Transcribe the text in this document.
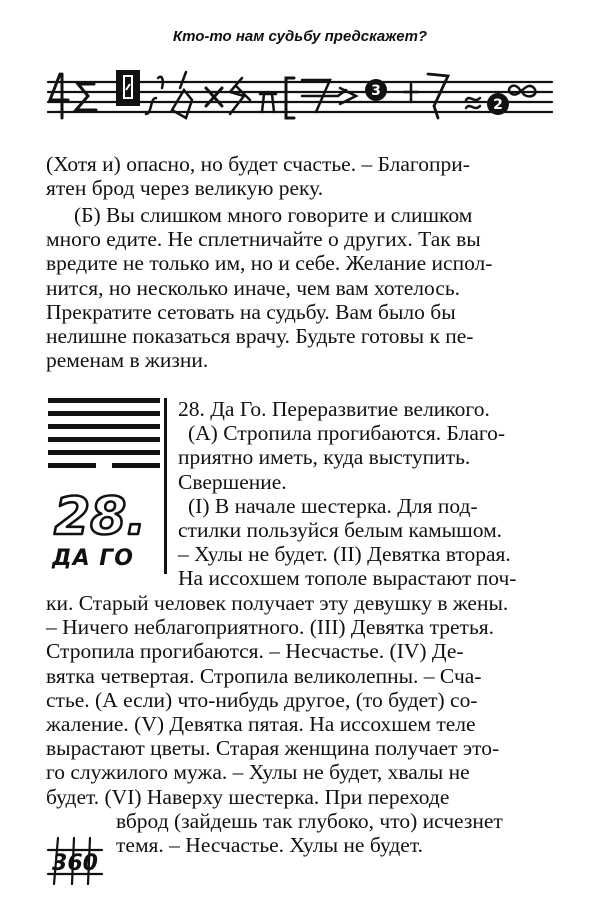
Кто-то нам судьбу предскажет?
3
2

(Хотя и) опасно, но будет счастье. – Благопри-

ятен брод через великую реку.

(Б) Вы слишком много говорите и слишком

много едите. Не сплетничайте о других. Так вы

вредите не только им, но и себе. Желание испол-

нится, но несколько иначе, чем вам хотелось.

Прекратите сетовать на судьбу. Вам было бы

нелишне показаться врачу. Будьте готовы к пе-

ременам в жизни.

28.
ДА ГО

28. Да Го. Переразвитие великого.

(А) Стропила прогибаются. Благо-

приятно иметь, куда выступить.

Свершение.

(I) В начале шестерка. Для под-

стилки пользуйся белым камышом.

– Хулы не будет. (II) Девятка вторая.

На иссохшем тополе вырастают поч-

ки. Старый человек получает эту девушку в жены.

– Ничего неблагоприятного. (III) Девятка третья.

Стропила прогибаются. – Несчастье. (IV) Де-

вятка четвертая. Стропила великолепны. – Сча-

стье. (А если) что-нибудь другое, (то будет) со-

жаление. (V) Девятка пятая. На иссохшем теле

вырастают цветы. Старая женщина получает это-

го служилого мужа. – Хулы не будет, хвалы не

будет. (VI) Наверху шестерка. При переходе

вброд (зайдешь так глубоко, что) исчезнет

темя. – Несчастье. Хулы не будет.

360
